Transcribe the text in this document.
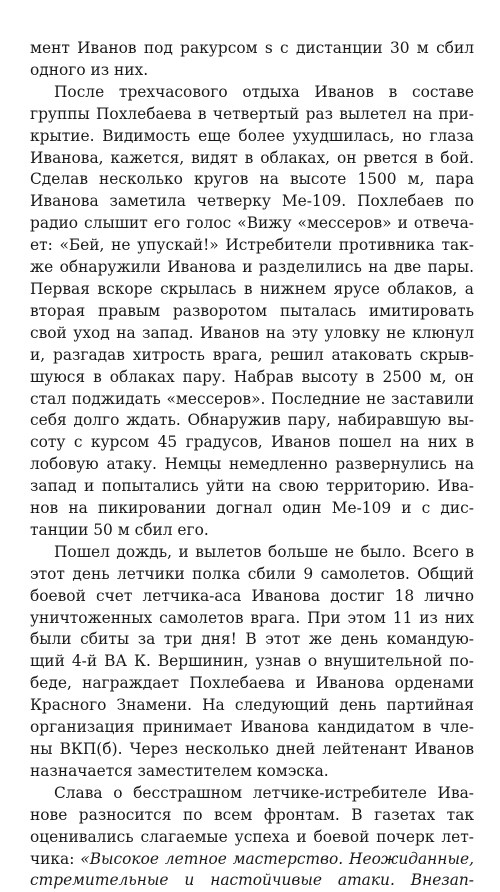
мент Иванов под ракурсом s с дистанции 30 м сбил
одного из них.
После трехчасового отдыха Иванов в составе
группы Похлебаева в четвертый раз вылетел на при-
крытие. Видимость еще более ухудшилась, но глаза
Иванова, кажется, видят в облаках, он рвется в бой.
Сделав несколько кругов на высоте 1500 м, пара
Иванова заметила четверку Ме-109. Похлебаев по
радио слышит его голос «Вижу «мессеров» и отвеча-
ет: «Бей, не упускай!» Истребители противника так-
же обнаружили Иванова и разделились на две пары.
Первая вскоре скрылась в нижнем ярусе облаков, а
вторая правым разворотом пыталась имитировать
свой уход на запад. Иванов на эту уловку не клюнул
и, разгадав хитрость врага, решил атаковать скрыв-
шуюся в облаках пару. Набрав высоту в 2500 м, он
стал поджидать «мессеров». Последние не заставили
себя долго ждать. Обнаружив пару, набиравшую вы-
соту с курсом 45 градусов, Иванов пошел на них в
лобовую атаку. Немцы немедленно развернулись на
запад и попытались уйти на свою территорию. Ива-
нов на пикировании догнал один Ме-109 и с дис-
танции 50 м сбил его.
Пошел дождь, и вылетов больше не было. Всего в
этот день летчики полка сбили 9 самолетов. Общий
боевой счет летчика-аса Иванова достиг 18 лично
уничтоженных самолетов врага. При этом 11 из них
были сбиты за три дня! В этот же день командую-
щий 4-й ВА К. Вершинин, узнав о внушительной по-
беде, награждает Похлебаева и Иванова орденами
Красного Знамени. На следующий день партийная
организация принимает Иванова кандидатом в чле-
ны ВКП(б). Через несколько дней лейтенант Иванов
назначается заместителем комэска.
Слава о бесстрашном летчике-истребителе Ива-
нове разносится по всем фронтам. В газетах так
оценивались слагаемые успеха и боевой почерк лет-
чика: «Высокое летное мастерство. Неожиданные,
стремительные и настойчивые атаки. Внезап-
